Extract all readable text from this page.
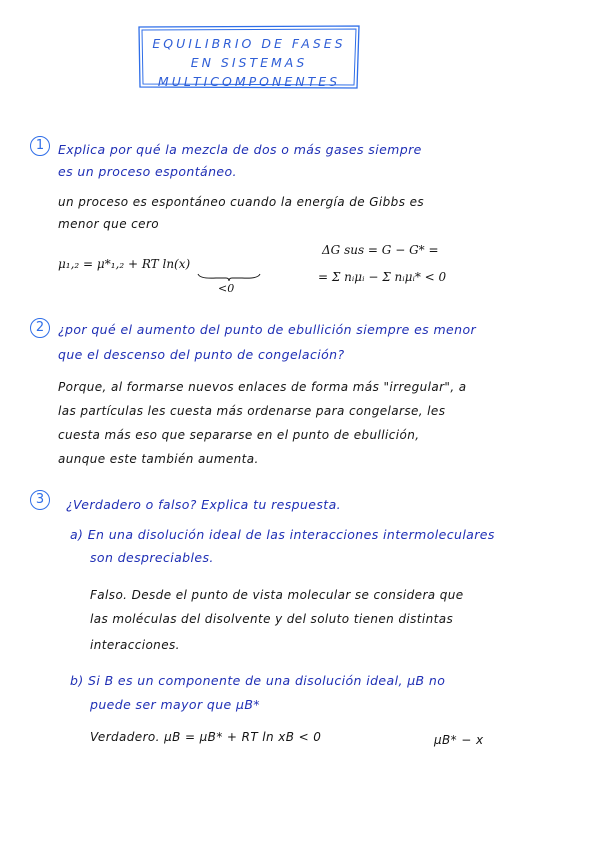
EQUILIBRIO DE FASES
EN SISTEMAS
MULTICOMPONENTES
1	Explica por qué la mezcla de dos o más gases siempre
es un proceso espontáneo.
un proceso es espontáneo cuando la energía de Gibbs es
menor que cero
μ₁,₂ = μ*₁,₂ + RT ln(x)
<0
ΔG sus = G − G* =
= Σ nᵢμᵢ − Σ nᵢμᵢ* < 0
2	¿por qué el aumento del punto de ebullición siempre es menor
que el descenso del punto de congelación?
Porque, al formarse nuevos enlaces de forma más "irregular", a
las partículas les cuesta más ordenarse para congelarse, les
cuesta más eso que separarse en el punto de ebullición,
aunque este también aumenta.
3	¿Verdadero o falso? Explica tu respuesta.
a) En una disolución ideal de las interacciones intermoleculares
son despreciables.
Falso. Desde el punto de vista molecular se considera que
las moléculas del disolvente y del soluto tienen distintas
interacciones.
b) Si B es un componente de una disolución ideal, μB no
puede ser mayor que μB*
Verdadero. μB = μB* + RT ln xB < 0	μB* − x
